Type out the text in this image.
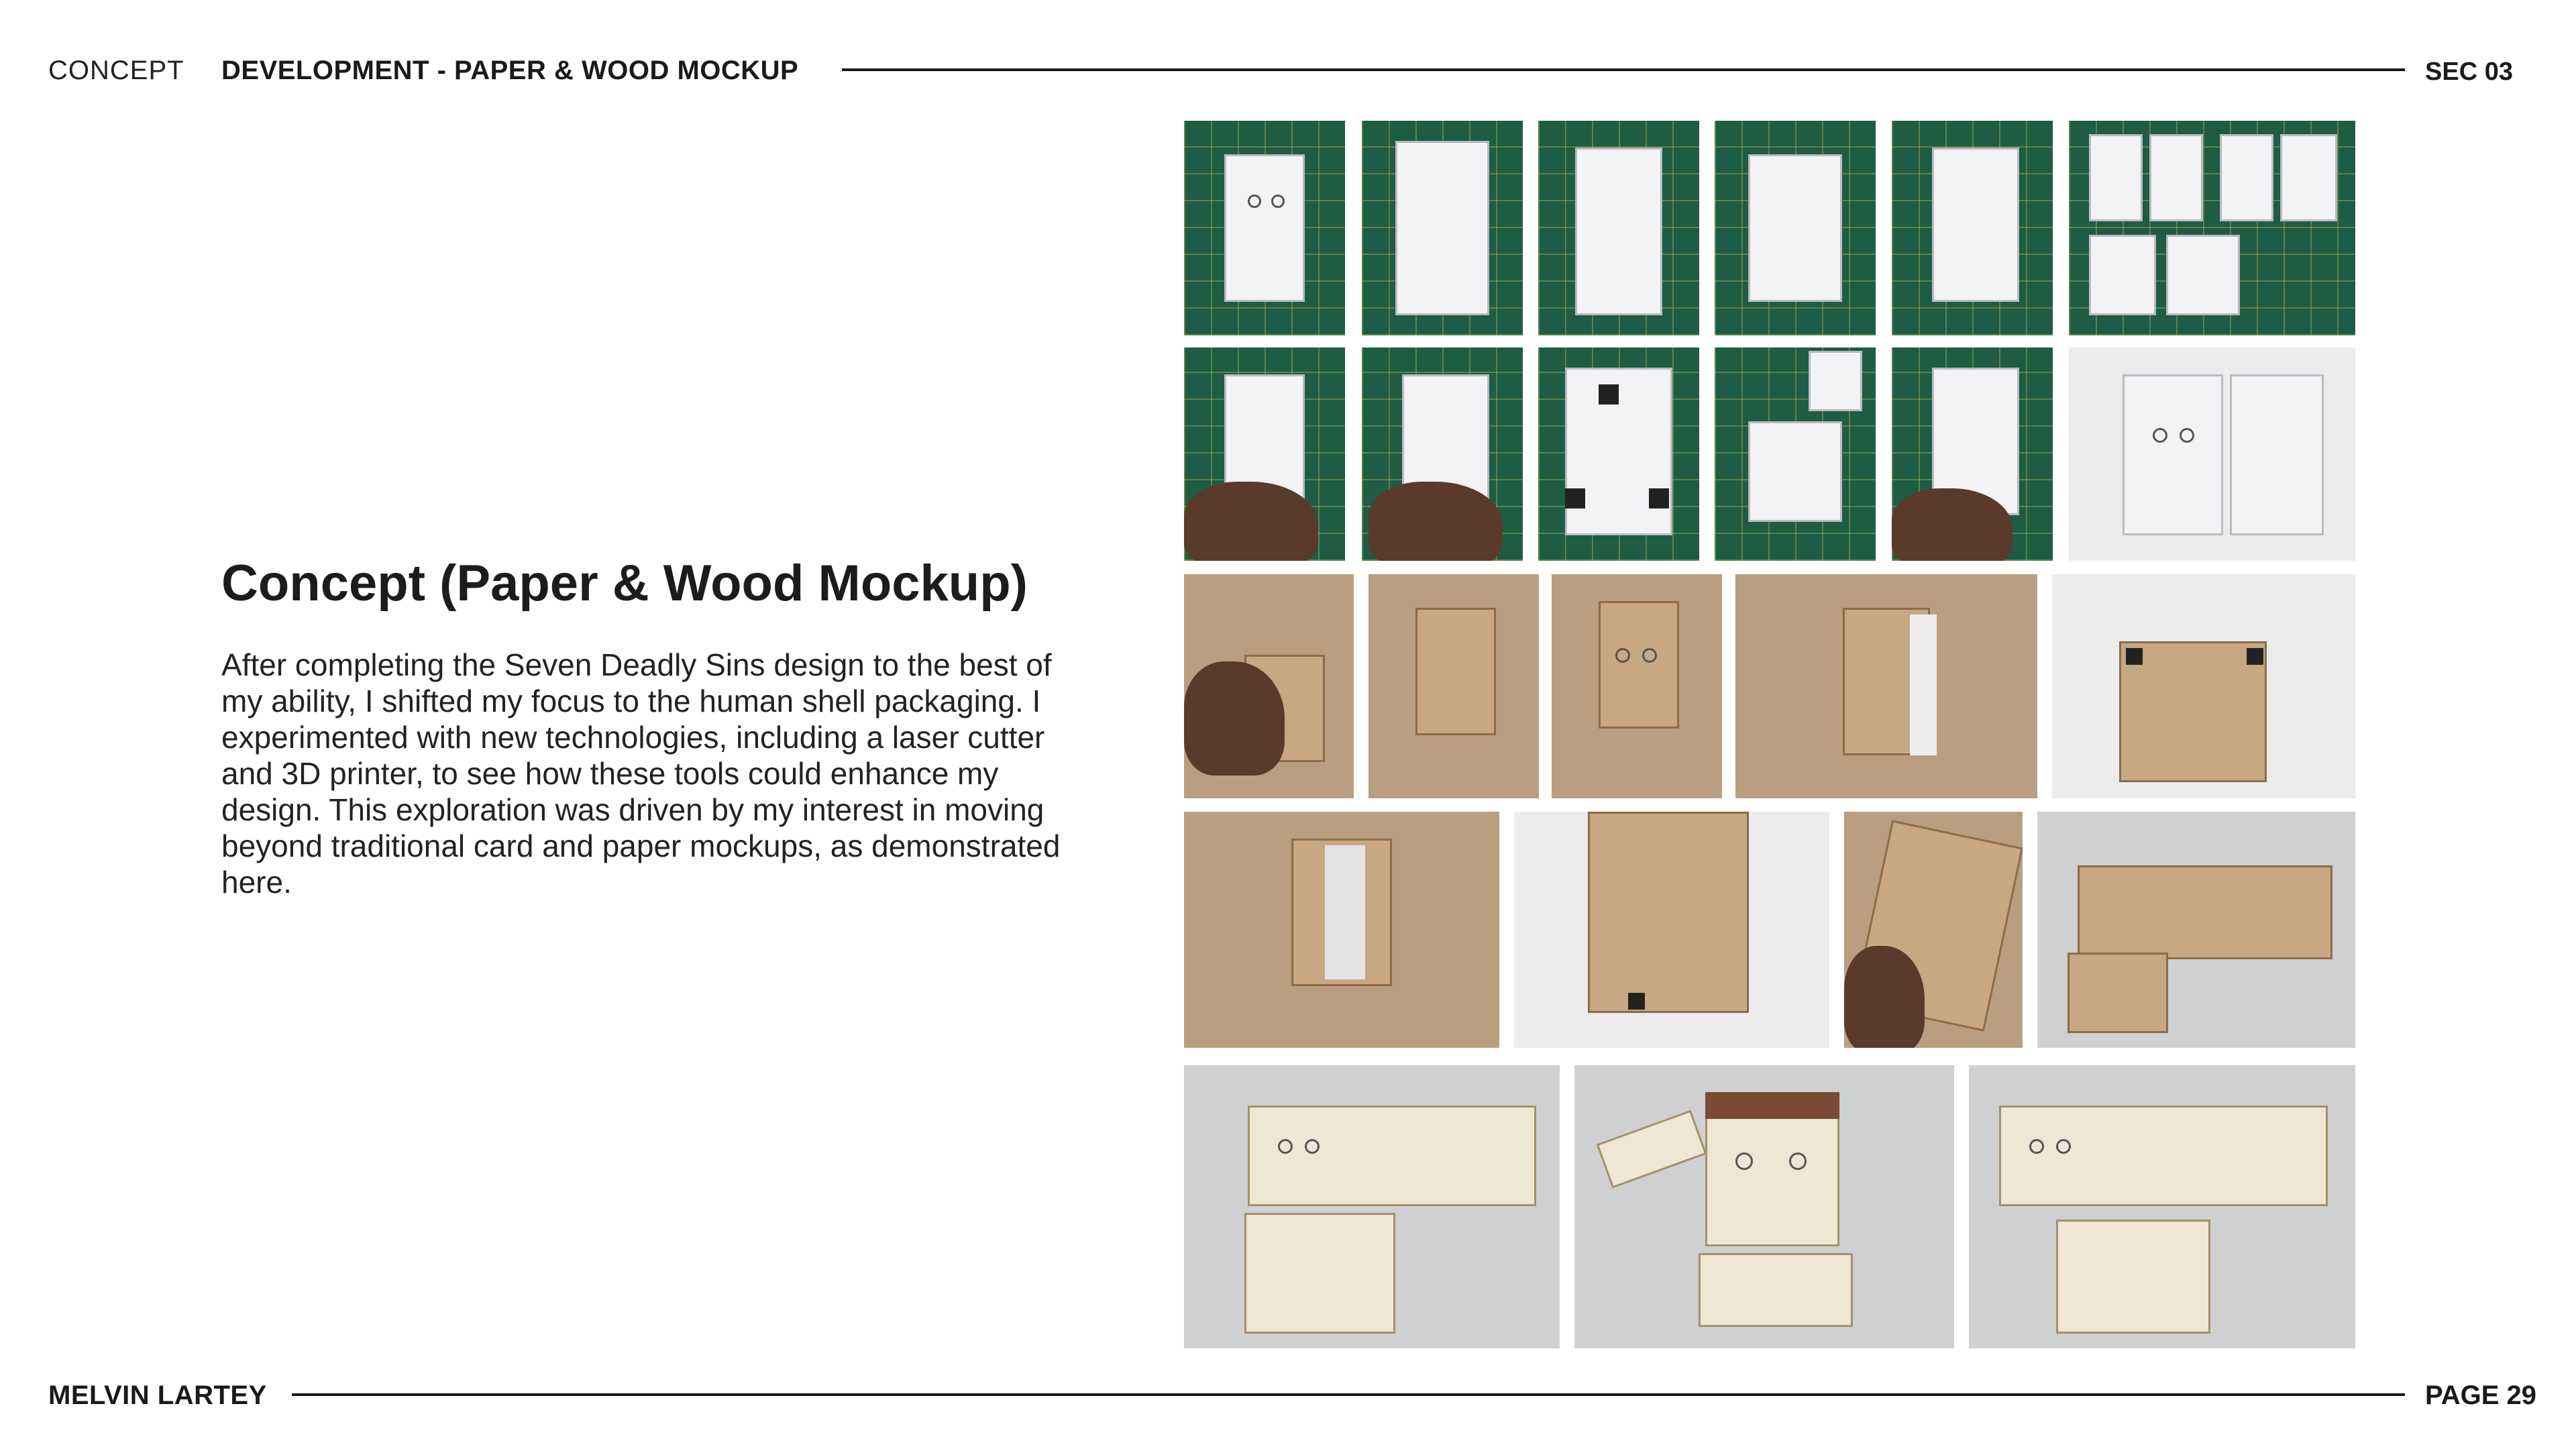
CONCEPT DEVELOPMENT - PAPER & WOOD MOCKUP	SEC 03
Concept (Paper & Wood Mockup)
After completing the Seven Deadly Sins design to the best of my ability, I shifted my focus to the human shell packaging. I experimented with new technologies, including a laser cutter and 3D printer, to see how these tools could enhance my design. This exploration was driven by my interest in moving beyond traditional card and paper mockups, as demonstrated here.
MELVIN LARTEY	PAGE 29
